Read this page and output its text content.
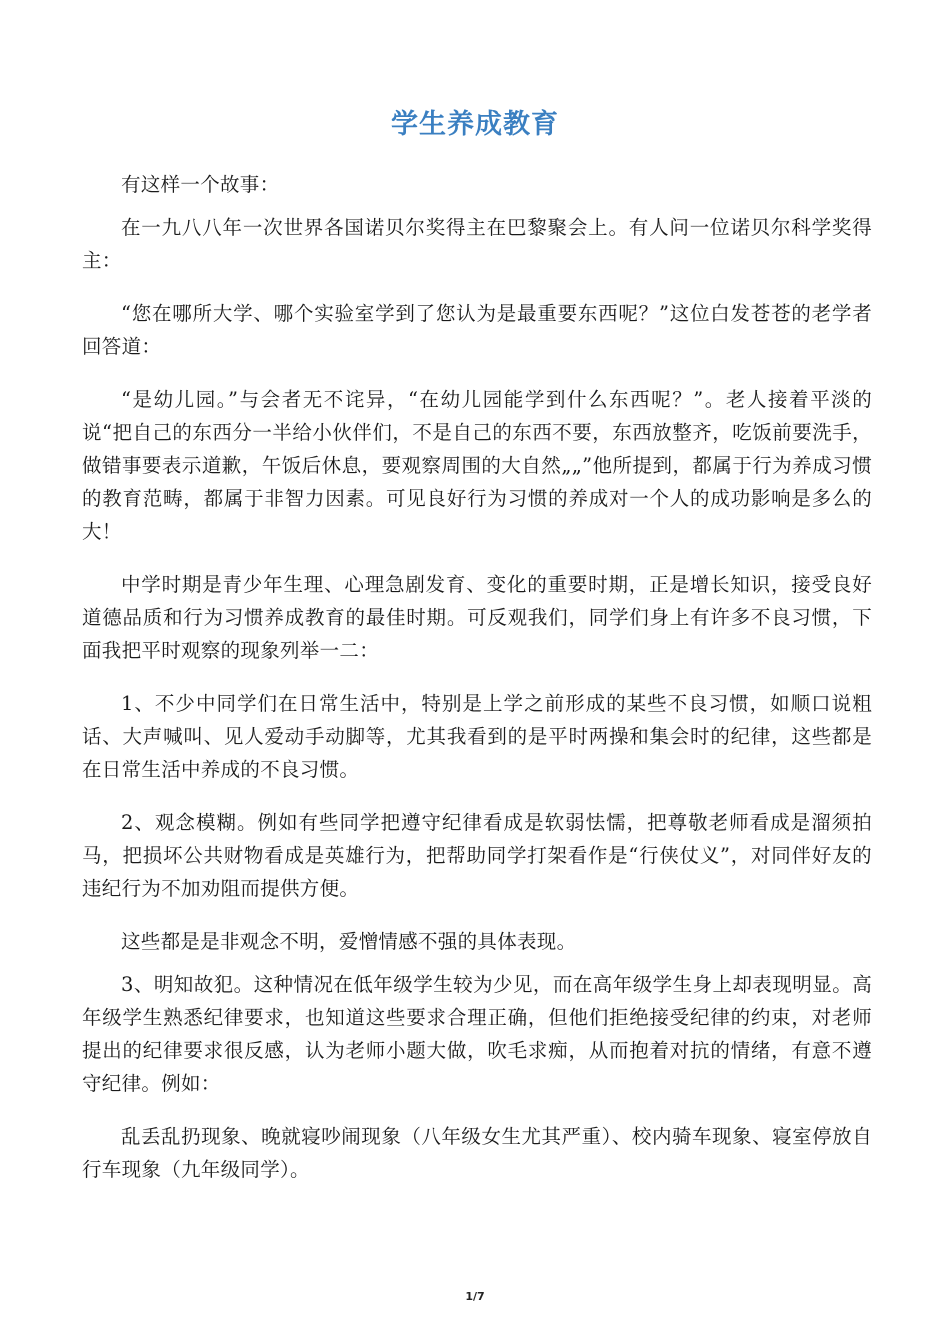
学生养成教育

有这样一个故事：

在一九八八年一次世界各国诺贝尔奖得主在巴黎聚会上。有人问一位诺贝尔科学奖得主：

“您在哪所大学、哪个实验室学到了您认为是最重要东西呢？”这位白发苍苍的老学者回答道：

“是幼儿园。”与会者无不诧异，“在幼儿园能学到什么东西呢？”。老人接着平淡的说“把自己的东西分一半给小伙伴们，不是自己的东西不要，东西放整齐，吃饭前要洗手，做错事要表示道歉，午饭后休息，要观察周围的大自然„„”他所提到，都属于行为养成习惯的教育范畴，都属于非智力因素。可见良好行为习惯的养成对一个人的成功影响是多么的大！

中学时期是青少年生理、心理急剧发育、变化的重要时期，正是增长知识，接受良好道德品质和行为习惯养成教育的最佳时期。可反观我们，同学们身上有许多不良习惯，下面我把平时观察的现象列举一二：

1、不少中同学们在日常生活中，特别是上学之前形成的某些不良习惯，如顺口说粗话、大声喊叫、见人爱动手动脚等，尤其我看到的是平时两操和集会时的纪律，这些都是在日常生活中养成的不良习惯。

2、观念模糊。例如有些同学把遵守纪律看成是软弱怯懦，把尊敬老师看成是溜须拍马，把损坏公共财物看成是英雄行为，把帮助同学打架看作是“行侠仗义”，对同伴好友的违纪行为不加劝阻而提供方便。

这些都是是非观念不明，爱憎情感不强的具体表现。

3、明知故犯。这种情况在低年级学生较为少见，而在高年级学生身上却表现明显。高年级学生熟悉纪律要求，也知道这些要求合理正确，但他们拒绝接受纪律的约束，对老师提出的纪律要求很反感，认为老师小题大做，吹毛求痴，从而抱着对抗的情绪，有意不遵守纪律。例如：

乱丢乱扔现象、晚就寝吵闹现象（八年级女生尤其严重）、校内骑车现象、寝室停放自行车现象（九年级同学）。

1/7
